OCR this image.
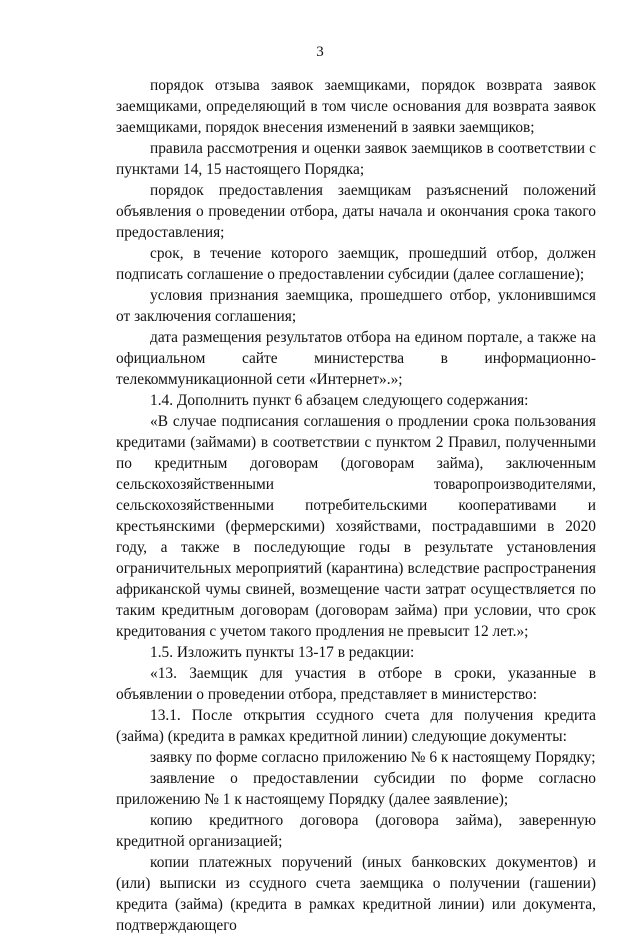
3

порядок отзыва заявок заемщиками, порядок возврата заявок заемщиками, определяющий в том числе основания для возврата заявок заемщиками, порядок внесения изменений в заявки заемщиков;

правила рассмотрения и оценки заявок заемщиков в соответствии с пунктами 14, 15 настоящего Порядка;

порядок предоставления заемщикам разъяснений положений объявления о проведении отбора, даты начала и окончания срока такого предоставления;

срок, в течение которого заемщик, прошедший отбор, должен подписать соглашение о предоставлении субсидии (далее соглашение);

условия признания заемщика, прошедшего отбор, уклонившимся от заключения соглашения;

дата размещения результатов отбора на едином портале, а также на официальном сайте министерства в информационно-телекоммуникационной сети «Интернет».»;

1.4. Дополнить пункт 6 абзацем следующего содержания:

«В случае подписания соглашения о продлении срока пользования кредитами (займами) в соответствии с пунктом 2 Правил, полученными по кредитным договорам (договорам займа), заключенным сельскохозяйственными товаропроизводителями, сельскохозяйственными потребительскими кооперативами и крестьянскими (фермерскими) хозяйствами, пострадавшими в 2020 году, а также в последующие годы в результате установления ограничительных мероприятий (карантина) вследствие распространения африканской чумы свиней, возмещение части затрат осуществляется по таким кредитным договорам (договорам займа) при условии, что срок кредитования с учетом такого продления не превысит 12 лет.»;

1.5. Изложить пункты 13-17 в редакции:

«13. Заемщик для участия в отборе в сроки, указанные в объявлении о проведении отбора, представляет в министерство:

13.1. После открытия ссудного счета для получения кредита (займа) (кредита в рамках кредитной линии) следующие документы:

заявку по форме согласно приложению № 6 к настоящему Порядку;

заявление о предоставлении субсидии по форме согласно приложению № 1 к настоящему Порядку (далее заявление);

копию кредитного договора (договора займа), заверенную кредитной организацией;

копии платежных поручений (иных банковских документов) и (или) выписки из ссудного счета заемщика о получении (гашении) кредита (займа) (кредита в рамках кредитной линии) или документа, подтверждающего
